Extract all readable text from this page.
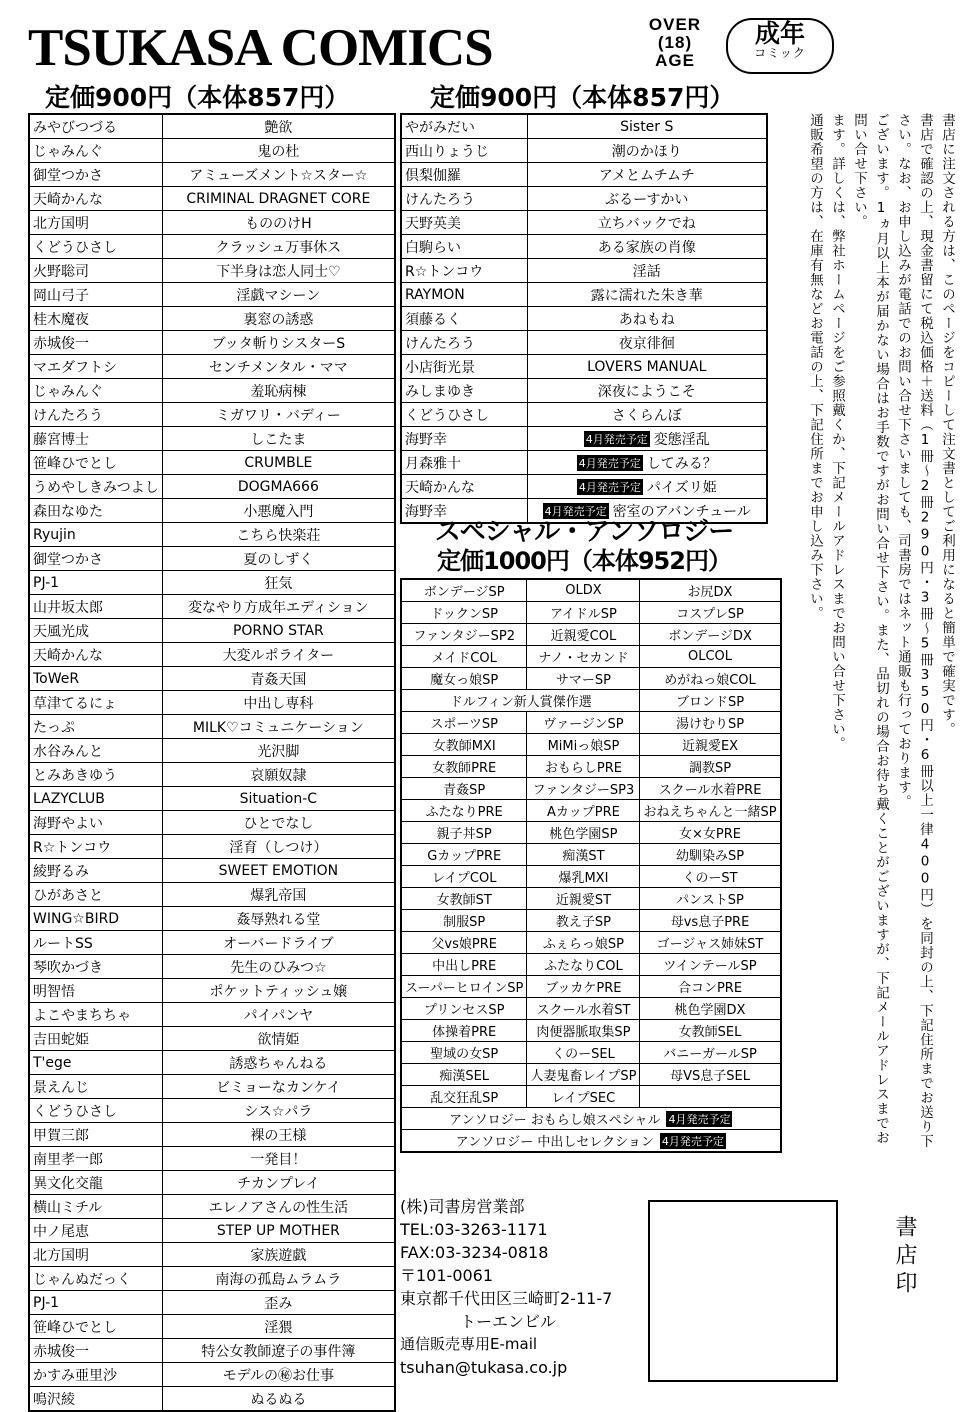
TSUKASA COMICS	OVER
(18)
AGE
成年
コミック
定価900円（本体857円）	定価900円（本体857円）
みやびつづる	艶欲
じゃみんぐ	鬼の杜
御堂つかさ	アミューズメント☆スター☆
天崎かんな	CRIMINAL DRAGNET CORE
北方国明	もののけH
くどうひさし	クラッシュ万事休ス
火野聡司	下半身は恋人同士♡
岡山弓子	淫戯マシーン
桂木魔夜	裏窓の誘惑
赤城俊一	ブッタ斬りシスターS
マエダフトシ	センチメンタル・ママ
じゃみんぐ	羞恥病棟
けんたろう	ミガワリ・バディー
藤宮博士	しこたま
笹峰ひでとし	CRUMBLE
うめやしきみつよし	DOGMA666
森田なゆた	小悪魔入門
Ryujin	こちら快楽荘
御堂つかさ	夏のしずく
PJ-1	狂気
山井坂太郎	変なやり方成年エディション
天風光成	PORNO STAR
天崎かんな	大変ルポライター
ToWeR	青姦天国
草津てるにょ	中出し専科
たっぷ	MILK♡コミュニケーション
水谷みんと	光沢脚
とみあきゆう	哀願奴隷
LAZYCLUB	Situation-C
海野やよい	ひとでなし
R☆トンコウ	淫育（しつけ）
綾野るみ	SWEET EMOTION
ひがあさと	爆乳帝国
WING☆BIRD	姦辱熟れる堂
ルートSS	オーバードライブ
琴吹かづき	先生のひみつ☆
明智悟	ポケットティッシュ嬢
よこやまちちゃ	パイパンヤ
吉田蛇姫	欲情姫
T'ege	誘惑ちゃんねる
景えんじ	ビミョーなカンケイ
くどうひさし	シス☆パラ
甲賀三郎	裸の王様
南里孝一郎	一発目！
異文化交龍	チカンプレイ
横山ミチル	エレノアさんの性生活
中ノ尾恵	STEP UP MOTHER
北方国明	家族遊戯
じゃんぬだっく	南海の孤島ムラムラ
PJ-1	歪み
笹峰ひでとし	淫猥
赤城俊一	特公女教師遼子の事件簿
かすみ亜里沙	モデルの㊙お仕事
鳴沢綾	ぬるぬる
やがみだい	Sister S
西山りょうじ	潮のかほり
倶梨伽羅	アメとムチムチ
けんたろう	ぶるーすかい
天野英美	立ちバックでね
白駒らい	ある家族の肖像
R☆トンコウ	淫話
RAYMON	露に濡れた朱き華
須藤るく	あねもね
けんたろう	夜京徘徊
小店街光景	LOVERS MANUAL
みしまゆき	深夜にようこそ
くどうひさし	さくらんぼ
海野幸	4月発売予定 変態淫乱

月森雅十	4月発売予定 してみる？

天崎かんな	4月発売予定 パイズリ姫

海野幸	4月発売予定 密室のアバンチュール
スペシャル・アンソロジー
定価1000円（本体952円）
ボンデージSP	OLDX	お尻DX
ドックンSP	アイドルSP	コスプレSP
ファンタジーSP2	近親愛COL	ボンデージDX
メイドCOL	ナノ・セカンド	OLCOL
魔女っ娘SP	サマーSP	めがねっ娘COL
ドルフィン新人賞傑作選		ブロンドSP
スポーツSP	ヴァージンSP	湯けむりSP
女教師MXI	MiMiっ娘SP	近親愛EX
女教師PRE	おもらしPRE	調教SP
青姦SP	ファンタジーSP3	スクール水着PRE
ふたなりPRE	AカップPRE	おねえちゃんと一緒SP
親子丼SP	桃色学園SP	女×女PRE
GカップPRE	痴漢ST	幼馴染みSP
レイプCOL	爆乳MXI	くのーST
女教師ST	近親愛ST	パンストSP
制服SP	教え子SP	母vs息子PRE
父vs娘PRE	ふぇらっ娘SP	ゴージャス姉妹ST
中出しPRE	ふたなりCOL	ツインテールSP
スーパーヒロインSP	ブッカケPRE	合コンPRE
プリンセスSP	スクール水着ST	桃色学園DX
体操着PRE	肉便器脈取集SP	女教師SEL
聖域の女SP	くのーSEL	バニーガールSP
痴漢SEL	人妻鬼畜レイプSP	母VS息子SEL
乱交狂乱SP	レイプSEC	
アンソロジー おもらし娘スペシャル 4月発売予定		
アンソロジー 中出しセレクション 4月発売予定		

書店に注文される方は、このページをコピーして注文書としてご利用になると簡単で確実です。

書店で確認の上、現金書留にて税込価格＋送料（1冊〜2冊290円・3冊〜5冊350円・6冊以上一律400円）を同封の上、下記住所までお送り下さい。なお、お申し込みが電話でのお問い合せ下さいましても、司書房ではネット通販も行っております。

ございます。1ヵ月以上本が届かない場合はお手数ですがお問い合せ下さい。また、品切れの場合お待ち戴くことがございますが、下記メールアドレスまでお問い合せ下さい。

ます。詳しくは、弊社ホームページをご参照戴くか、下記メールアドレスまでお問い合せ下さい。

通販希望の方は、在庫有無などお電話の上、下記住所までお申し込み下さい。

(株)司書房営業部
TEL:03-3263-1171
FAX:03-3234-0818
〒101-0061
東京都千代田区三崎町2-11-7
トーエンビル
通信販売専用E-mail
tsuhan@tukasa.co.jp
書店印
